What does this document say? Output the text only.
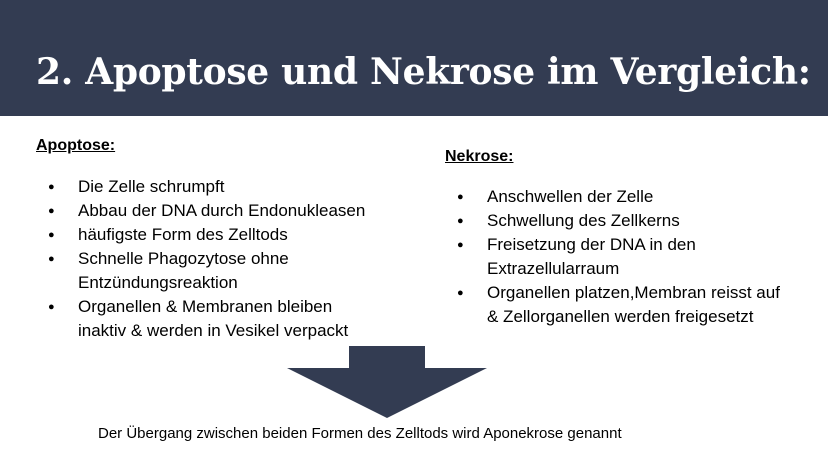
2. Apoptose und Nekrose im Vergleich:
Apoptose:
● Die Zelle schrumpft
● Abbau der DNA durch Endonukleasen
● häufigste Form des Zelltods
● Schnelle Phagozytose ohne
Entzündungsreaktion
● Organellen & Membranen bleiben
inaktiv & werden in Vesikel verpackt
Nekrose:
● Anschwellen der Zelle
● Schwellung des Zellkerns
● Freisetzung der DNA in den
Extrazellularraum
● Organellen platzen,Membran reisst auf
& Zellorganellen werden freigesetzt

Der Übergang zwischen beiden Formen des Zelltods wird Aponekrose genannt
